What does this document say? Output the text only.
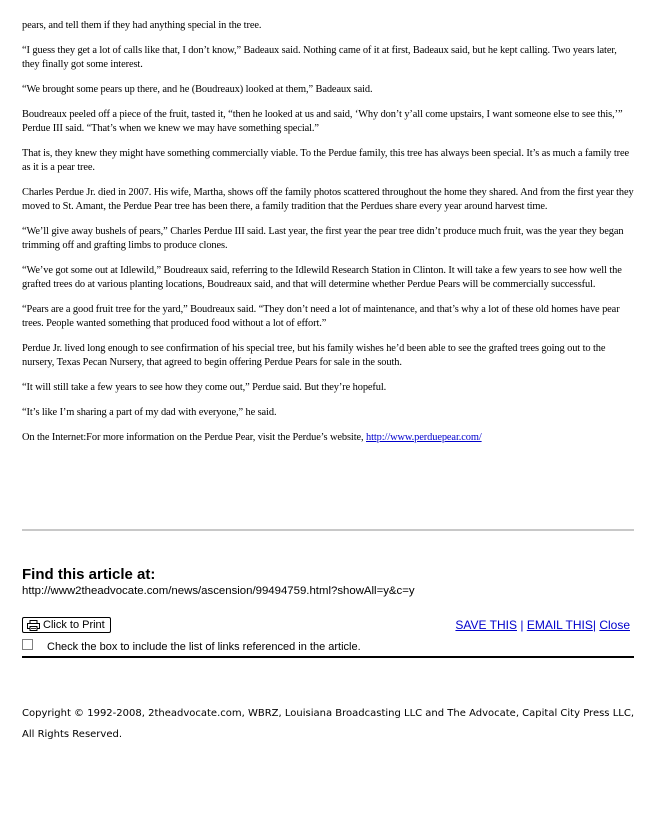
pears, and tell them if they had anything special in the tree.

“I guess they get a lot of calls like that, I don’t know,” Badeaux said. Nothing came of it at first, Badeaux said, but he kept calling. Two years later, they finally got some interest.

“We brought some pears up there, and he (Boudreaux) looked at them,” Badeaux said.

Boudreaux peeled off a piece of the fruit, tasted it, “then he looked at us and said, ‘Why don’t y’all come upstairs, I want someone else to see this,’” Perdue III said. “That’s when we knew we may have something special.”

That is, they knew they might have something commercially viable. To the Perdue family, this tree has always been special. It’s as much a family tree as it is a pear tree.

Charles Perdue Jr. died in 2007. His wife, Martha, shows off the family photos scattered throughout the home they shared. And from the first year they moved to St. Amant, the Perdue Pear tree has been there, a family tradition that the Perdues share every year around harvest time.

“We’ll give away bushels of pears,” Charles Perdue III said. Last year, the first year the pear tree didn’t produce much fruit, was the year they began trimming off and grafting limbs to produce clones.

“We’ve got some out at Idlewild,” Boudreaux said, referring to the Idlewild Research Station in Clinton. It will take a few years to see how well the grafted trees do at various planting locations, Boudreaux said, and that will determine whether Perdue Pears will be commercially successful.

“Pears are a good fruit tree for the yard,” Boudreaux said. “They don’t need a lot of maintenance, and that’s why a lot of these old homes have pear trees. People wanted something that produced food without a lot of effort.”

Perdue Jr. lived long enough to see confirmation of his special tree, but his family wishes he’d been able to see the grafted trees going out to the nursery, Texas Pecan Nursery, that agreed to begin offering Perdue Pears for sale in the south.

“It will still take a few years to see how they come out,” Perdue said. But they’re hopeful.

“It’s like I’m sharing a part of my dad with everyone,” he said.

On the Internet:For more information on the Perdue Pear, visit the Perdue’s website, http://www.perduepear.com/

Find this article at:
http://www2theadvocate.com/news/ascension/99494759.html?showAll=y&c=y
Click to Print	SAVE THIS | EMAIL THIS| Close
Check the box to include the list of links referenced in the article.
Copyright © 1992-2008, 2theadvocate.com, WBRZ, Louisiana Broadcasting LLC and The Advocate, Capital City Press LLC, All Rights Reserved.
